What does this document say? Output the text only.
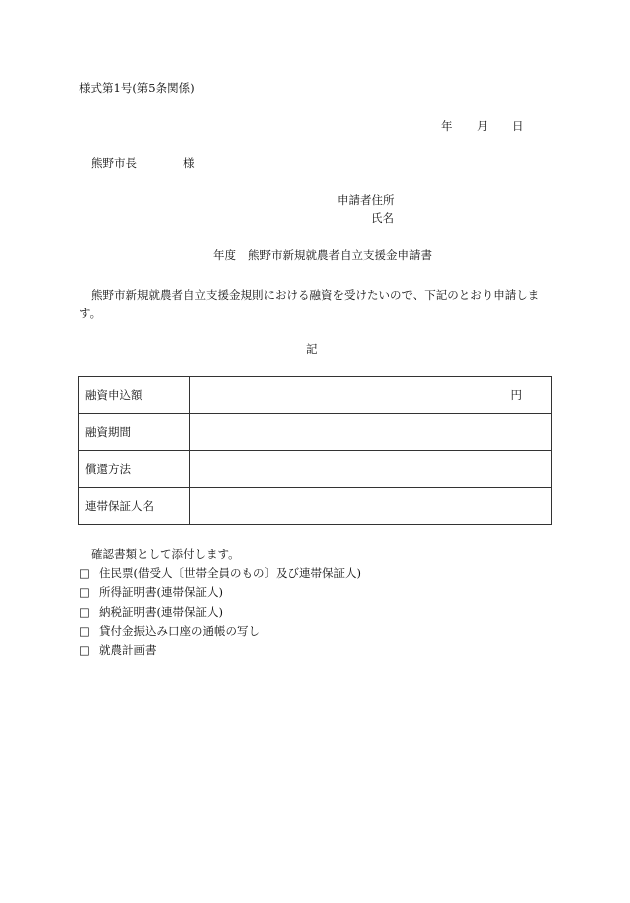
様式第1号(第5条関係)
年 月 日
熊野市長	様
申請者住所
氏名
年度 熊野市新規就農者自立支援金申請書
熊野市新規就農者自立支援金規則における融資を受けたいので、下記のとおり申請します。
記
融資申込額	円

融資期間	
償還方法	
連帯保証人名	
確認書類として添付します。
□ 住民票(借受人〔世帯全員のもの〕及び連帯保証人)
□ 所得証明書(連帯保証人)
□ 納税証明書(連帯保証人)
□ 貸付金振込み口座の通帳の写し
□ 就農計画書
